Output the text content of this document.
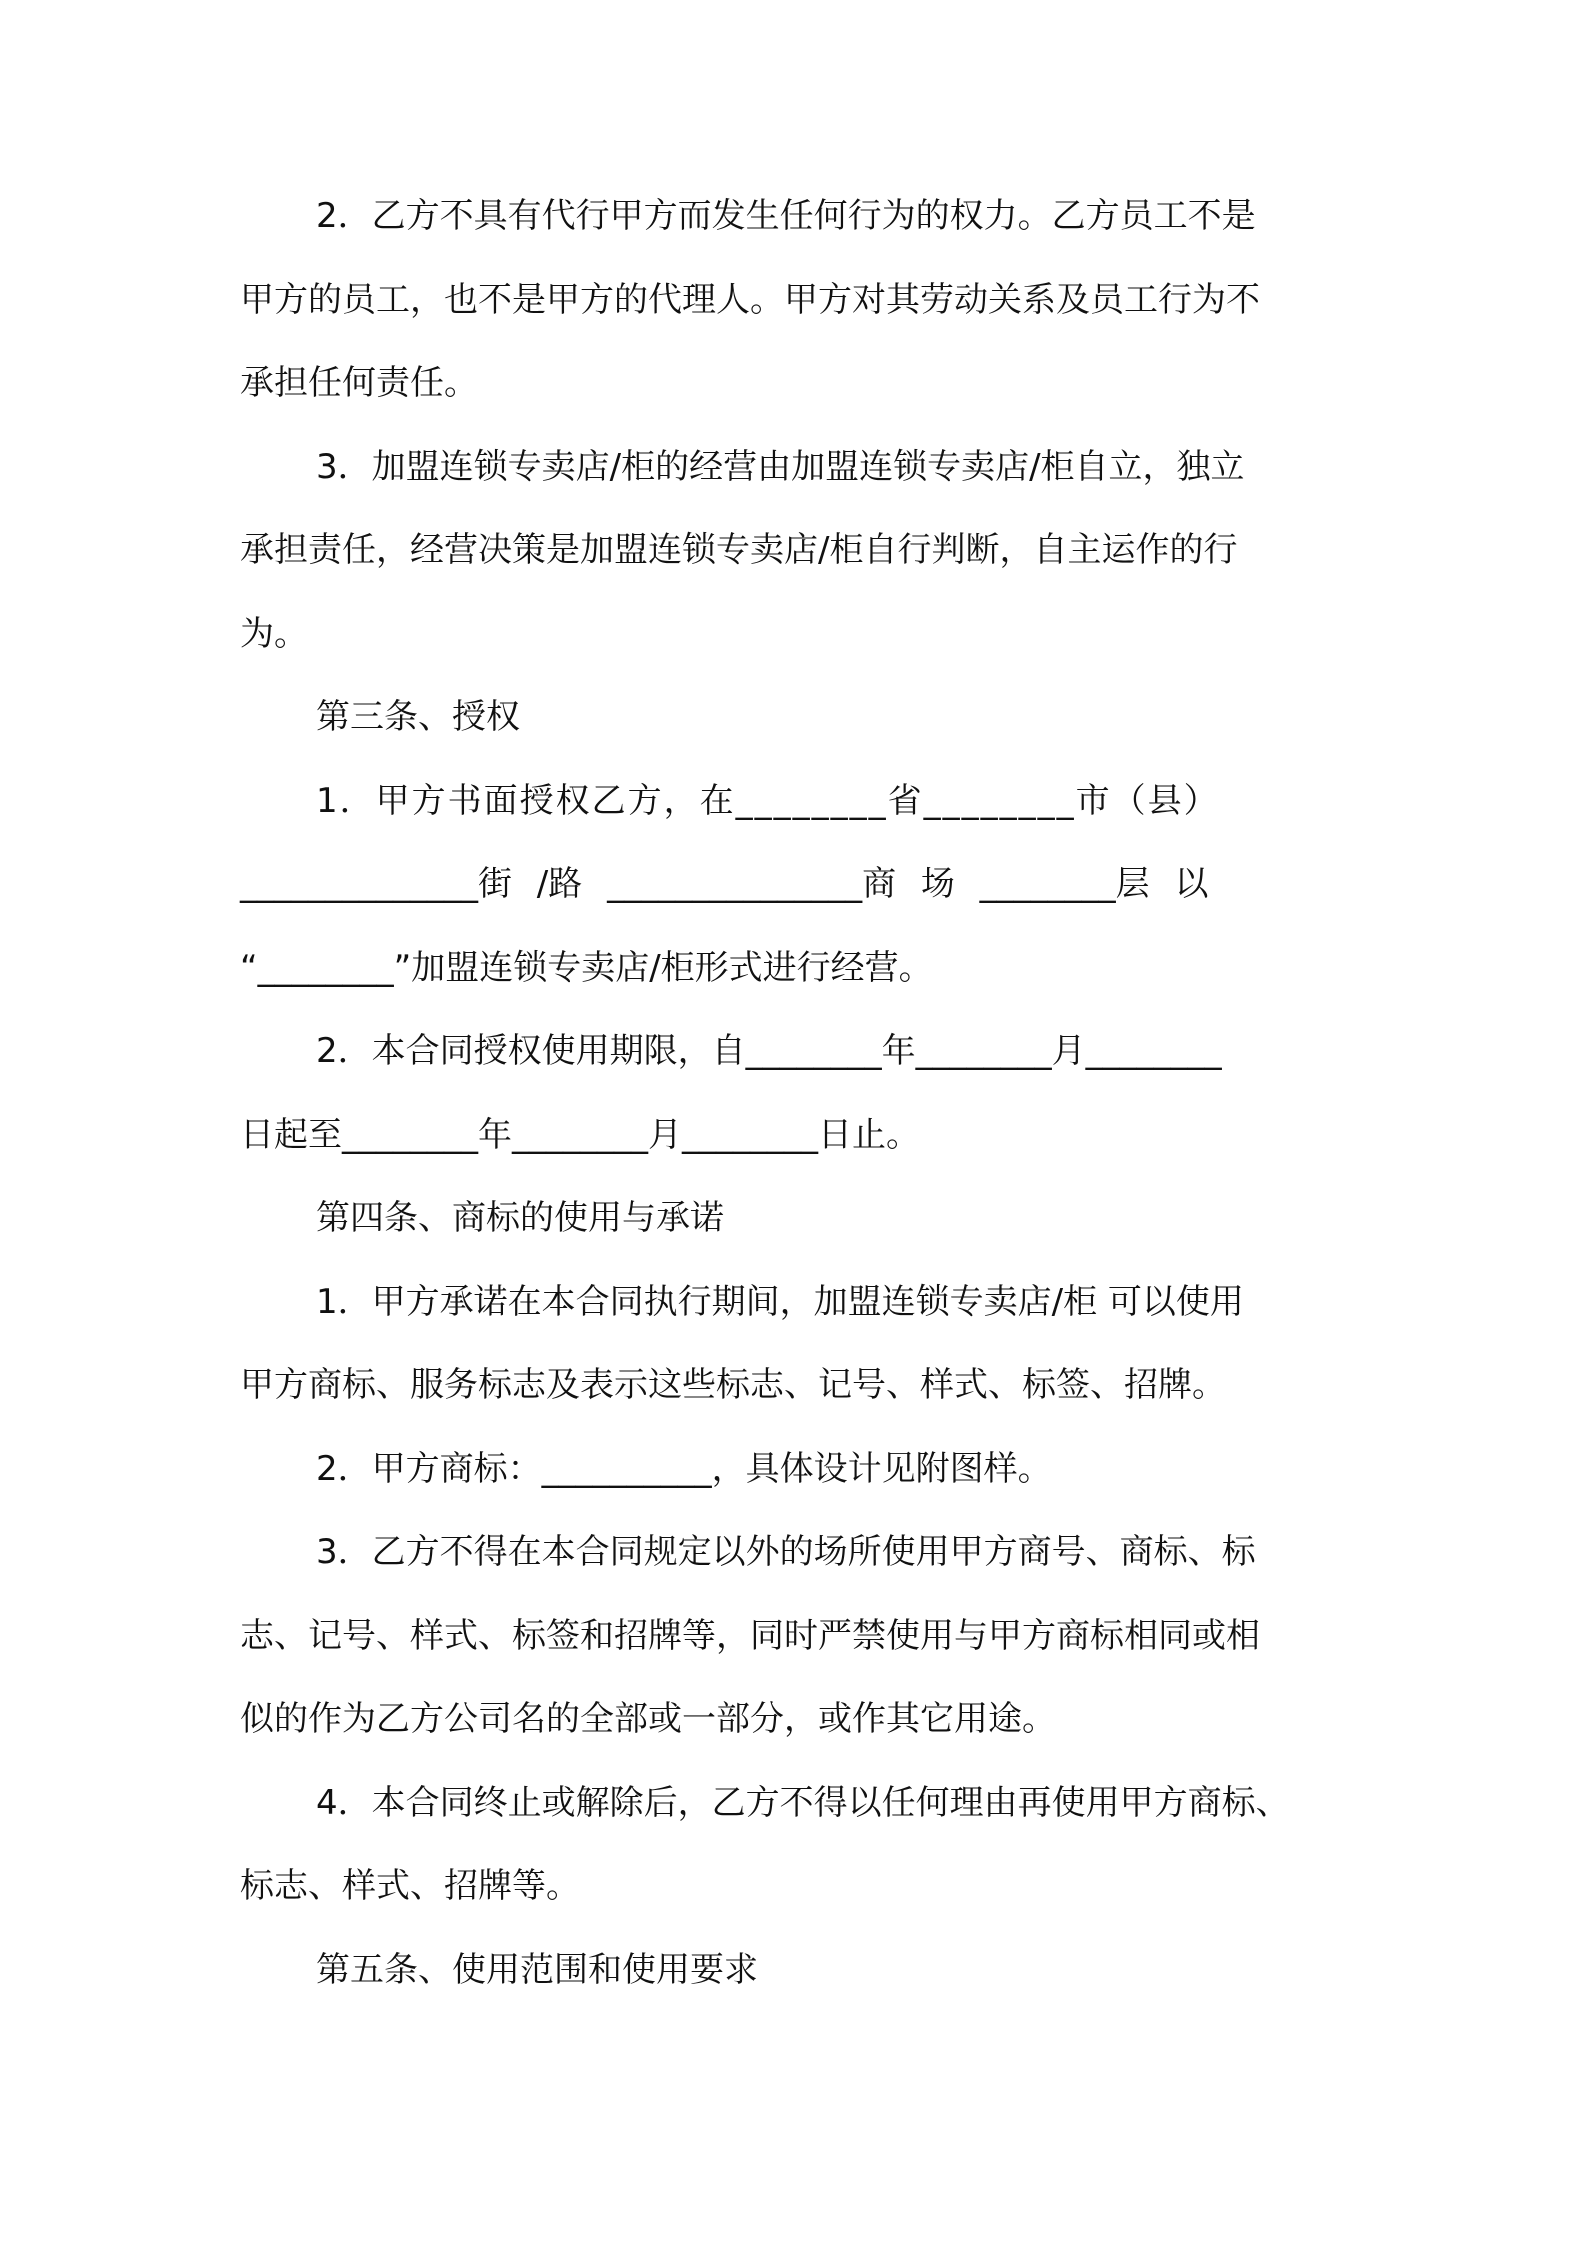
2．乙方不具有代行甲方而发生任何行为的权力。乙方员工不是

甲方的员工，也不是甲方的代理人。甲方对其劳动关系及员工行为不

承担任何责任。

3．加盟连锁专卖店/柜的经营由加盟连锁专卖店/柜自立，独立

承担责任，经营决策是加盟连锁专卖店/柜自行判断，自主运作的行

为。

第三条、授权

1．甲方书面授权乙方，在________省________市（县）

______________街 /路 _______________商 场 ________层 以

“________”加盟连锁专卖店/柜形式进行经营。

2．本合同授权使用期限，自________年________月________

日起至________年________月________日止。

第四条、商标的使用与承诺

1．甲方承诺在本合同执行期间，加盟连锁专卖店/柜 可以使用

甲方商标、服务标志及表示这些标志、记号、样式、标签、招牌。

2．甲方商标：__________，具体设计见附图样。

3．乙方不得在本合同规定以外的场所使用甲方商号、商标、标

志、记号、样式、标签和招牌等，同时严禁使用与甲方商标相同或相

似的作为乙方公司名的全部或一部分，或作其它用途。

4．本合同终止或解除后，乙方不得以任何理由再使用甲方商标、

标志、样式、招牌等。

第五条、使用范围和使用要求
